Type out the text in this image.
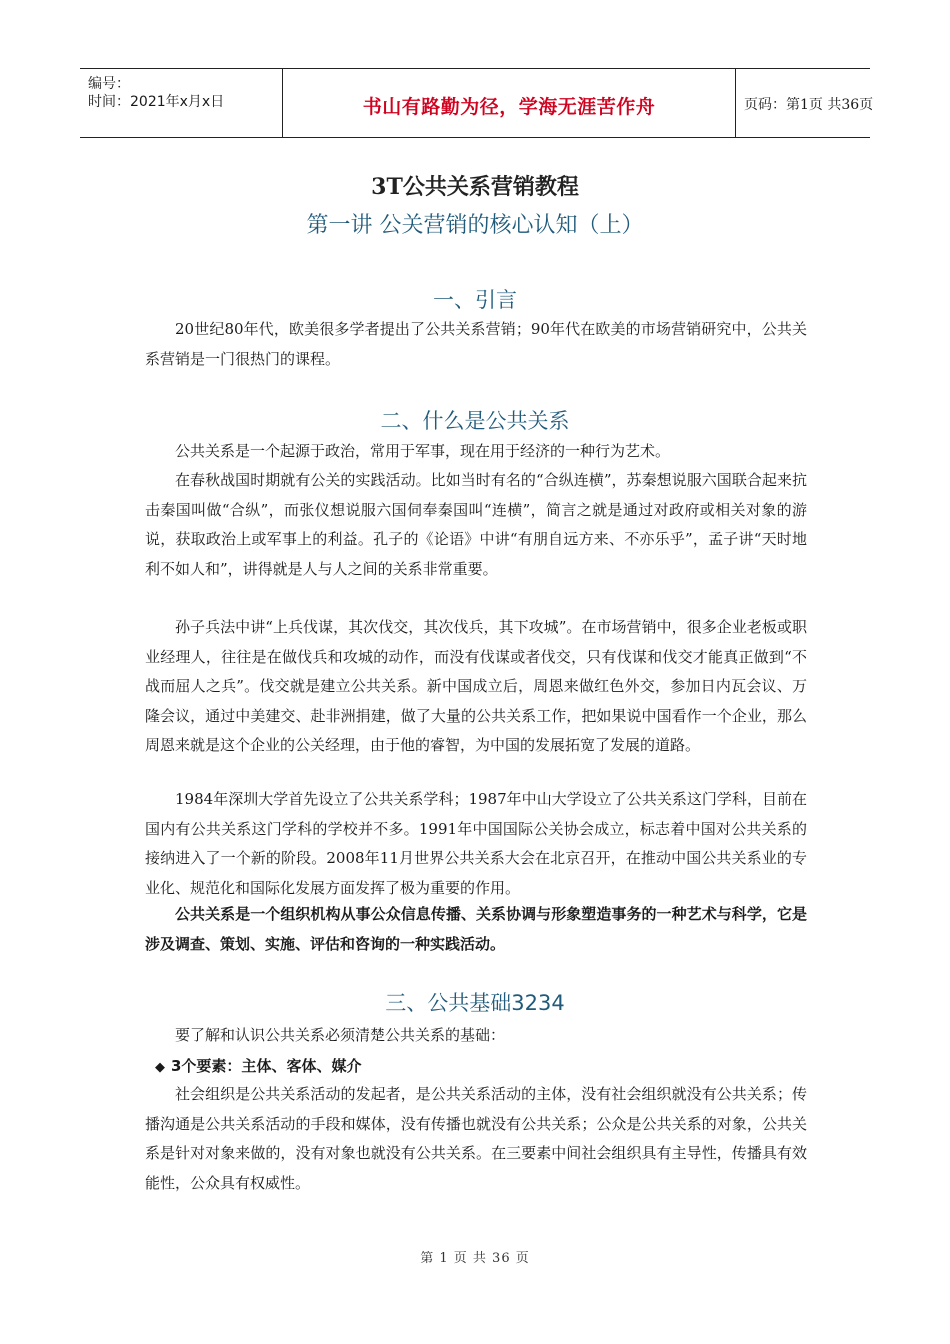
编号：
时间：2021年x月x日	书山有路勤为径，学海无涯苦作舟	页码：第1页 共36页
3T公共关系营销教程
第一讲 公关营销的核心认知（上）
一、引言

20世纪80年代，欧美很多学者提出了公共关系营销；90年代在欧美的市场营销研究中，公共关系营销是一门很热门的课程。

二、什么是公共关系

公共关系是一个起源于政治，常用于军事，现在用于经济的一种行为艺术。

在春秋战国时期就有公关的实践活动。比如当时有名的“合纵连横”，苏秦想说服六国联合起来抗击秦国叫做“合纵”，而张仪想说服六国伺奉秦国叫“连横”，简言之就是通过对政府或相关对象的游说，获取政治上或军事上的利益。孔子的《论语》中讲“有朋自远方来、不亦乐乎”，孟子讲“天时地利不如人和”，讲得就是人与人之间的关系非常重要。

孙子兵法中讲“上兵伐谋，其次伐交，其次伐兵，其下攻城”。在市场营销中，很多企业老板或职业经理人，往往是在做伐兵和攻城的动作，而没有伐谋或者伐交，只有伐谋和伐交才能真正做到“不战而屈人之兵”。伐交就是建立公共关系。新中国成立后，周恩来做红色外交，参加日内瓦会议、万隆会议，通过中美建交、赴非洲捐建，做了大量的公共关系工作，把如果说中国看作一个企业，那么周恩来就是这个企业的公关经理，由于他的睿智，为中国的发展拓宽了发展的道路。

1984年深圳大学首先设立了公共关系学科；1987年中山大学设立了公共关系这门学科，目前在国内有公共关系这门学科的学校并不多。1991年中国国际公关协会成立，标志着中国对公共关系的接纳进入了一个新的阶段。2008年11月世界公共关系大会在北京召开，在推动中国公共关系业的专业化、规范化和国际化发展方面发挥了极为重要的作用。

公共关系是一个组织机构从事公众信息传播、关系协调与形象塑造事务的一种艺术与科学，它是涉及调查、策划、实施、评估和咨询的一种实践活动。

三、公共基础3234

要了解和认识公共关系必须清楚公共关系的基础：

◆ 3个要素：主体、客体、媒介

社会组织是公共关系活动的发起者，是公共关系活动的主体，没有社会组织就没有公共关系；传播沟通是公共关系活动的手段和媒体，没有传播也就没有公共关系；公众是公共关系的对象，公共关系是针对对象来做的，没有对象也就没有公共关系。在三要素中间社会组织具有主导性，传播具有效能性，公众具有权威性。

第 1 页 共 36 页
